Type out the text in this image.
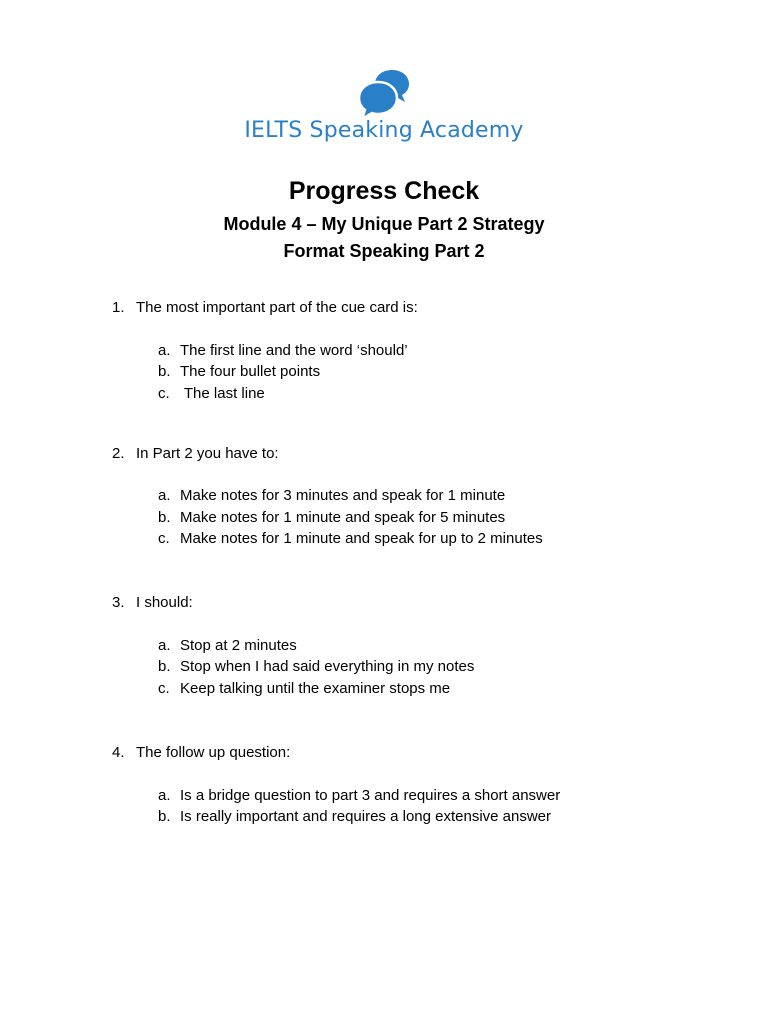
IELTS Speaking Academy
Progress Check
Module 4 – My Unique Part 2 Strategy
Format Speaking Part 2
1. The most important part of the cue card is:
a. The first line and the word ‘should’
b. The four bullet points
c. The last line
2. In Part 2 you have to:
a. Make notes for 3 minutes and speak for 1 minute
b. Make notes for 1 minute and speak for 5 minutes
c. Make notes for 1 minute and speak for up to 2 minutes
3. I should:
a. Stop at 2 minutes
b. Stop when I had said everything in my notes
c. Keep talking until the examiner stops me
4. The follow up question:
a. Is a bridge question to part 3 and requires a short answer
b. Is really important and requires a long extensive answer
